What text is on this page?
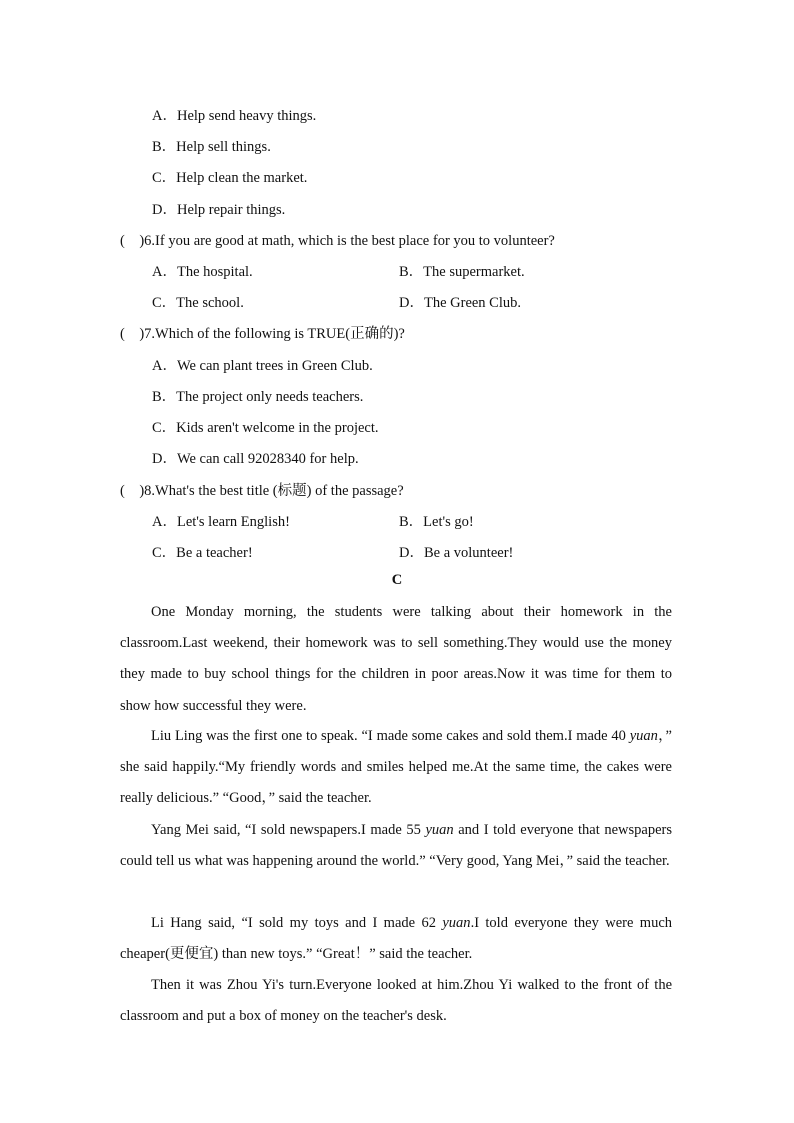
A．Help send heavy things.
B．Help sell things.
C．Help clean the market.
D．Help repair things.
(　)6.If you are good at math, which is the best place for you to volunteer?
A．The hospital.	B．The supermarket.
C．The school.	D．The Green Club.
(　)7.Which of the following is TRUE(正确的)?
A．We can plant trees in Green Club.
B．The project only needs teachers.
C．Kids aren't welcome in the project.
D．We can call 92028340 for help.
(　)8.What's the best title (标题) of the passage?
A．Let's learn English!	B．Let's go!
C．Be a teacher!	D．Be a volunteer!
C
One Monday morning, the students were talking about their homework in the classroom.Last weekend, their homework was to sell something.They would use the money they made to buy school things for the children in poor areas.Now it was time for them to show how successful they were.
Liu Ling was the first one to speak. “I made some cakes and sold them.I made 40 yuan，” she said happily.“My friendly words and smiles helped me.At the same time, the cakes were really delicious.” “Good，” said the teacher.
Yang Mei said, “I sold newspapers.I made 55 yuan and I told everyone that newspapers could tell us what was happening around the world.” “Very good, Yang Mei，” said the teacher.
Li Hang said, “I sold my toys and I made 62 yuan.I told everyone they were much cheaper(更便宜) than new toys.” “Great！” said the teacher.
Then it was Zhou Yi's turn.Everyone looked at him.Zhou Yi walked to the front of the classroom and put a box of money on the teacher's desk.
